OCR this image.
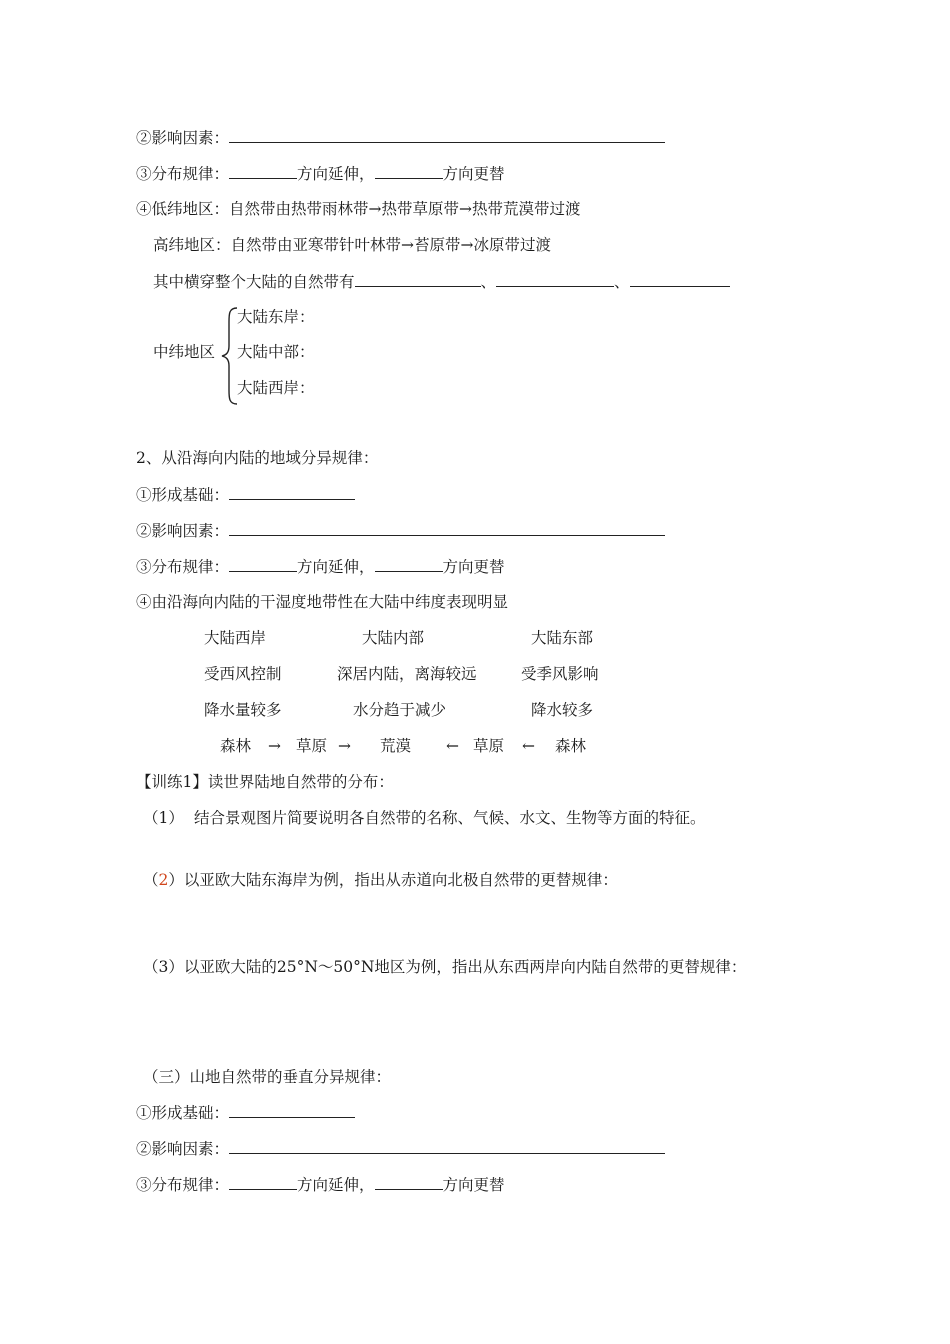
②影响因素：
③分布规律：	方向延伸，	方向更替
④低纬地区：自然带由热带雨林带→热带草原带→热带荒漠带过渡
高纬地区：自然带由亚寒带针叶林带→苔原带→冰原带过渡
其中横穿整个大陆的自然带有	、	、
中纬地区
大陆东岸：
大陆中部：
大陆西岸：
2、从沿海向内陆的地域分异规律：
①形成基础：
②影响因素：
③分布规律：	方向延伸，	方向更替
④由沿海向内陆的干湿度地带性在大陆中纬度表现明显
大陆西岸	大陆内部	大陆东部
受西风控制	深居内陆，离海较远	受季风影响
降水量较多	水分趋于减少	降水较多
森林 → 草原 → 荒漠 ← 草原 ← 森林
【训练1】读世界陆地自然带的分布：
（1） 结合景观图片简要说明各自然带的名称、气候、水文、生物等方面的特征。
（2）以亚欧大陆东海岸为例，指出从赤道向北极自然带的更替规律：
（3）以亚欧大陆的25°N～50°N地区为例，指出从东西两岸向内陆自然带的更替规律：
（三）山地自然带的垂直分异规律：
①形成基础：
②影响因素：
③分布规律：	方向延伸，	方向更替
